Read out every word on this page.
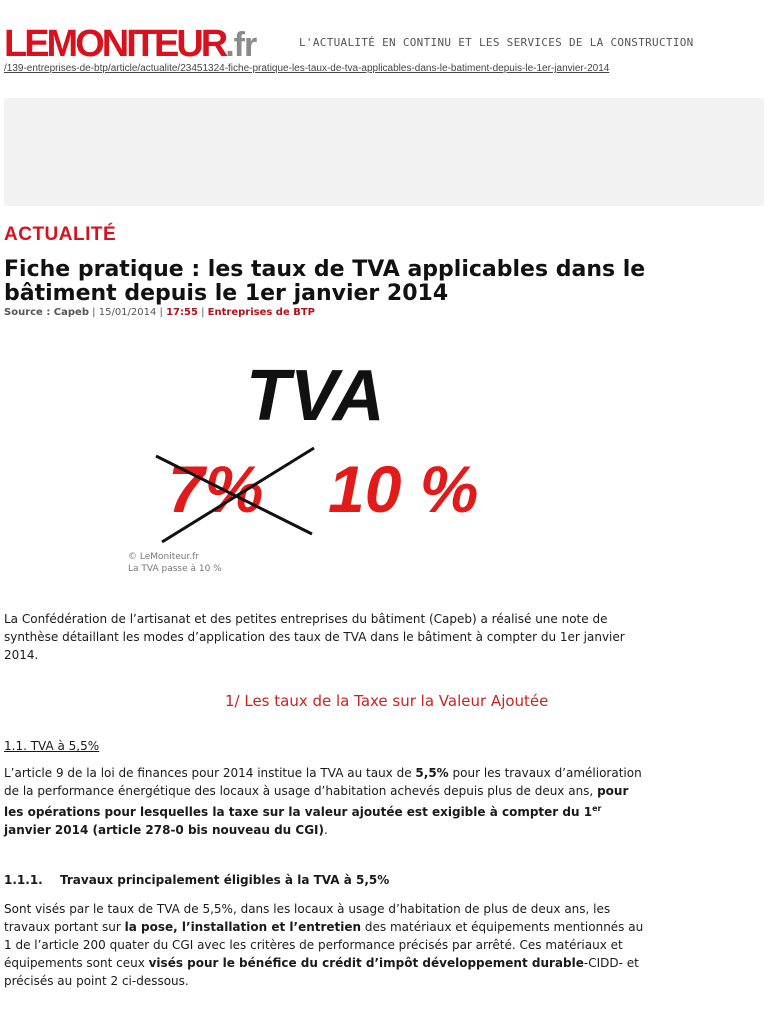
LEMONITEUR.fr	L'ACTUALITÉ EN CONTINU ET LES SERVICES DE LA CONSTRUCTION
/139-entreprises-de-btp/article/actualite/23451324-fiche-pratique-les-taux-de-tva-applicables-dans-le-batiment-depuis-le-1er-janvier-2014
ACTUALITÉ
Fiche pratique : les taux de TVA applicables dans le bâtiment depuis le 1er janvier 2014
Source : Capeb | 15/01/2014 | 17:55 | Entreprises de BTP
TVA
7% 10 %
© LeMoniteur.fr
La TVA passe à 10 %
La Confédération de l’artisanat et des petites entreprises du bâtiment (Capeb) a réalisé une note de synthèse détaillant les modes d’application des taux de TVA dans le bâtiment à compter du 1er janvier 2014.
1/ Les taux de la Taxe sur la Valeur Ajoutée
1.1. TVA à 5,5%
L’article 9 de la loi de finances pour 2014 institue la TVA au taux de 5,5% pour les travaux d’amélioration de la performance énergétique des locaux à usage d’habitation achevés depuis plus de deux ans, pour les opérations pour lesquelles la taxe sur la valeur ajoutée est exigible à compter du 1er janvier 2014 (article 278-0 bis nouveau du CGI).
1.1.1. Travaux principalement éligibles à la TVA à 5,5%
Sont visés par le taux de TVA de 5,5%, dans les locaux à usage d’habitation de plus de deux ans, les travaux portant sur la pose, l’installation et l’entretien des matériaux et équipements mentionnés au 1 de l’article 200 quater du CGI avec les critères de performance précisés par arrêté. Ces matériaux et équipements sont ceux visés pour le bénéfice du crédit d’impôt développement durable-CIDD- et précisés au point 2 ci-dessous.
